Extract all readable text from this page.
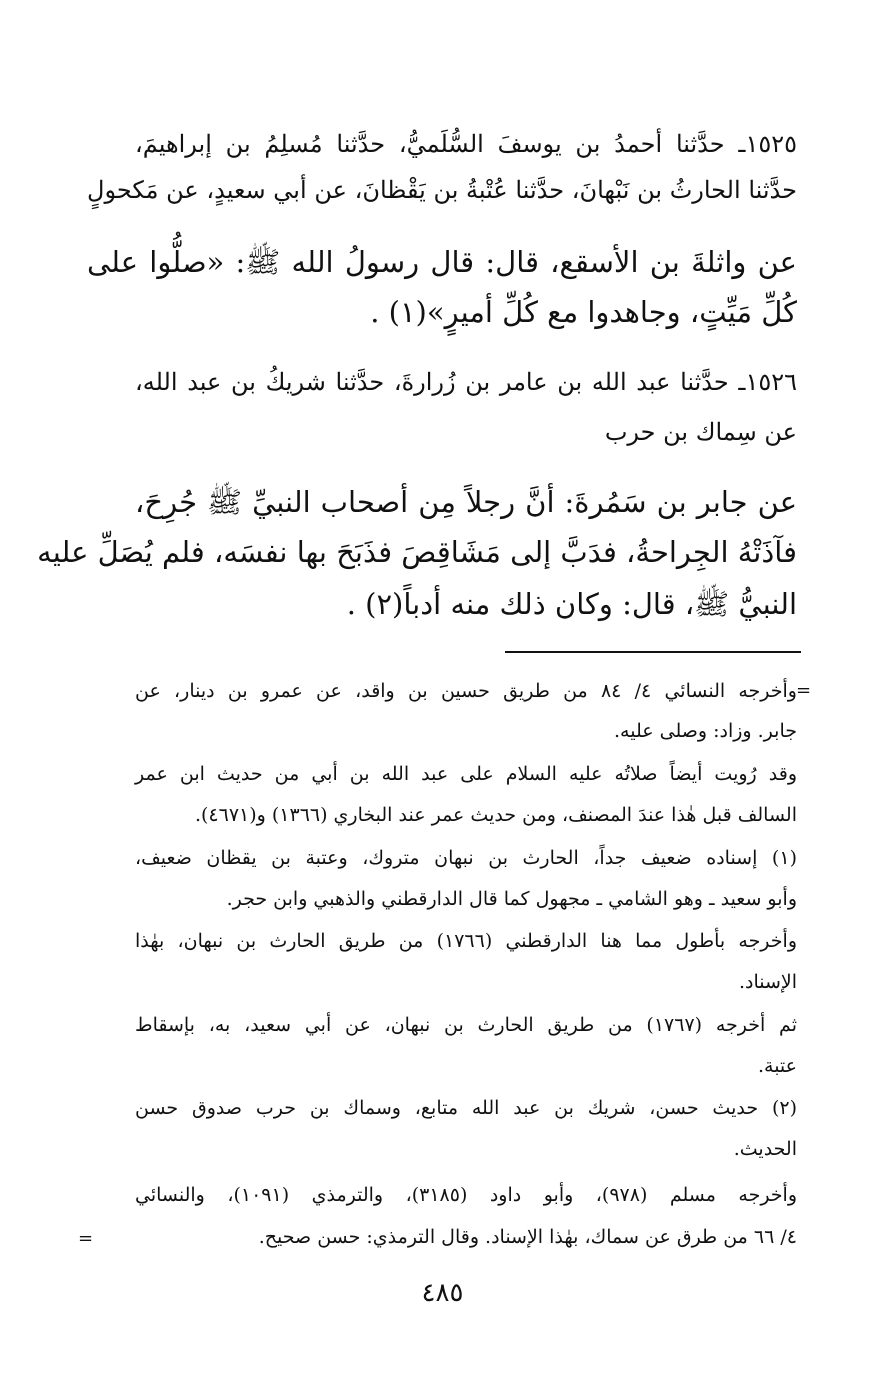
١٥٢٥ـ حدَّثنا أحمدُ بن يوسفَ السُّلَميُّ، حدَّثنا مُسلِمُ بن إبراهيمَ،
حدَّثنا الحارثُ بن نَبْهانَ، حدَّثنا عُتْبةُ بن يَقْظانَ، عن أبي سعيدٍ، عن مَكحولٍ
عن واثلةَ بن الأسقع، قال: قال رسولُ الله ﷺ: «صلُّوا على
كُلِّ مَيِّتٍ، وجاهدوا مع كُلِّ أميرٍ»(١) .
١٥٢٦ـ حدَّثنا عبد الله بن عامر بن زُرارةَ، حدَّثنا شريكُ بن عبد الله،
عن سِماك بن حرب
عن جابر بن سَمُرةَ: أنَّ رجلاً مِن أصحاب النبيِّ ﷺ جُرِحَ،
فآذَتْهُ الجِراحةُ، فدَبَّ إلى مَشَاقِصَ فذَبَحَ بها نفسَه، فلم يُصَلِّ عليه
النبيُّ ﷺ، قال: وكان ذلك منه أدباً(٢) .
=
وأخرجه النسائي ٤/ ٨٤ من طريق حسين بن واقد، عن عمرو بن دينار، عن
جابر. وزاد: وصلى عليه.
وقد رُويت أيضاً صلاتُه عليه السلام على عبد الله بن أبي من حديث ابن عمر
السالف قبل هٰذا عندَ المصنف، ومن حديث عمر عند البخاري (١٣٦٦) و(٤٦٧١).
(١) إسناده ضعيف جداً، الحارث بن نبهان متروك، وعتبة بن يقظان ضعيف،
وأبو سعيد ـ وهو الشامي ـ مجهول كما قال الدارقطني والذهبي وابن حجر.
وأخرجه بأطول مما هنا الدارقطني (١٧٦٦) من طريق الحارث بن نبهان، بهٰذا
الإسناد.
ثم أخرجه (١٧٦٧) من طريق الحارث بن نبهان، عن أبي سعيد، به، بإسقاط
عتبة.
(٢) حديث حسن، شريك بن عبد الله متابع، وسماك بن حرب صدوق حسن
الحديث.
وأخرجه مسلم (٩٧٨)، وأبو داود (٣١٨٥)، والترمذي (١٠٩١)، والنسائي
٤/ ٦٦ من طرق عن سماك، بهٰذا الإسناد. وقال الترمذي: حسن صحيح.
=
٤٨٥
